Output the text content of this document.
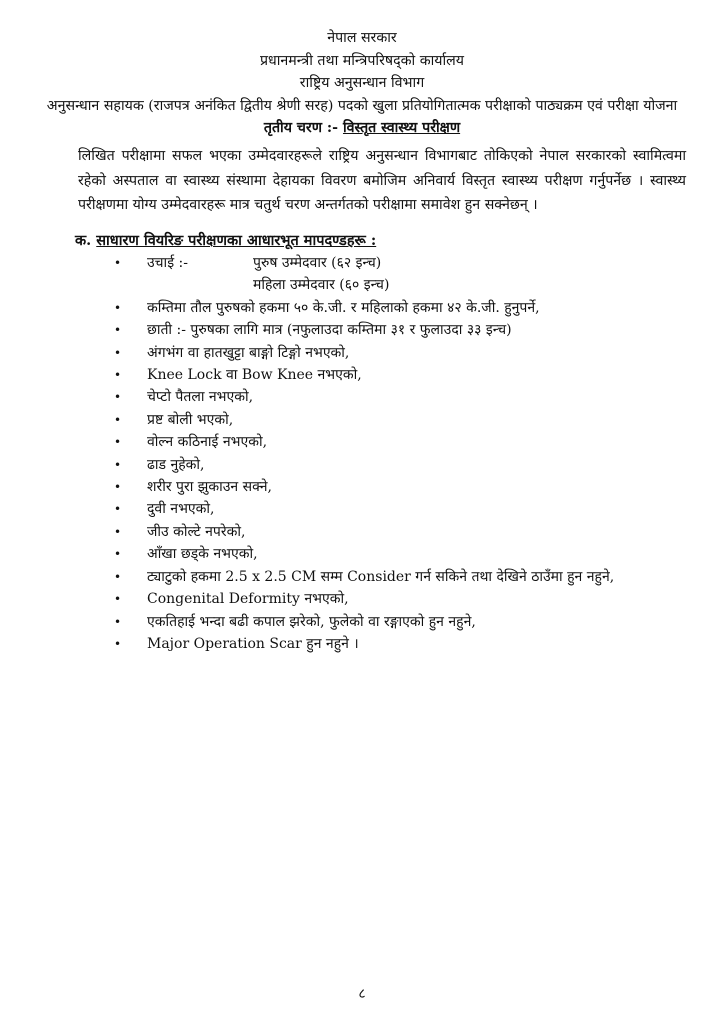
नेपाल सरकार
प्रधानमन्त्री तथा मन्त्रिपरिषद्को कार्यालय
राष्ट्रिय अनुसन्धान विभाग
अनुसन्धान सहायक (राजपत्र अनंकित द्वितीय श्रेणी सरह) पदको खुला प्रतियोगितात्मक परीक्षाको पाठ्यक्रम एवं परीक्षा योजना
तृतीय चरण :- विस्तृत स्वास्थ्य परीक्षण
लिखित परीक्षामा सफल भएका उम्मेदवारहरूले राष्ट्रिय अनुसन्धान विभागबाट तोकिएको नेपाल सरकारको स्वामित्वमा रहेको अस्पताल वा स्वास्थ्य संस्थामा देहायका विवरण बमोजिम अनिवार्य विस्तृत स्वास्थ्य परीक्षण गर्नुपर्नेछ । स्वास्थ्य परीक्षणमा योग्य उम्मेदवारहरू मात्र चतुर्थ चरण अन्तर्गतको परीक्षामा समावेश हुन सक्नेछन् ।
क. साधारण वियरिङ परीक्षणका आधारभूत मापदण्डहरू :
• उचाई :-	पुरुष उम्मेदवार (६२ इन्च)
महिला उम्मेदवार (६० इन्च)
• कम्तिमा तौल पुरुषको हकमा ५० के.जी. र महिलाको हकमा ४२ के.जी. हुनुपर्ने,
• छाती :- पुरुषका लागि मात्र (नफुलाउदा कम्तिमा ३१ र फुलाउदा ३३ इन्च)
• अंगभंग वा हातखुट्टा बाङ्गो टिङ्गो नभएको,
• Knee Lock वा Bow Knee नभएको,
• चेप्टो पैतला नभएको,
• प्रष्ट बोली भएको,
• वोल्न कठिनाई नभएको,
• ढाड नुहेको,
• शरीर पुरा झुकाउन सक्ने,
• दुवी नभएको,
• जीउ कोल्टे नपरेको,
• आँखा छड्के नभएको,
• ट्याटुको हकमा 2.5 x 2.5 CM सम्म Consider गर्न सकिने तथा देखिने ठाउँमा हुन नहुने,
• Congenital Deformity नभएको,
• एकतिहाई भन्दा बढी कपाल झरेको, फुलेको वा रङ्गाएको हुन नहुने,
• Major Operation Scar हुन नहुने ।
८
